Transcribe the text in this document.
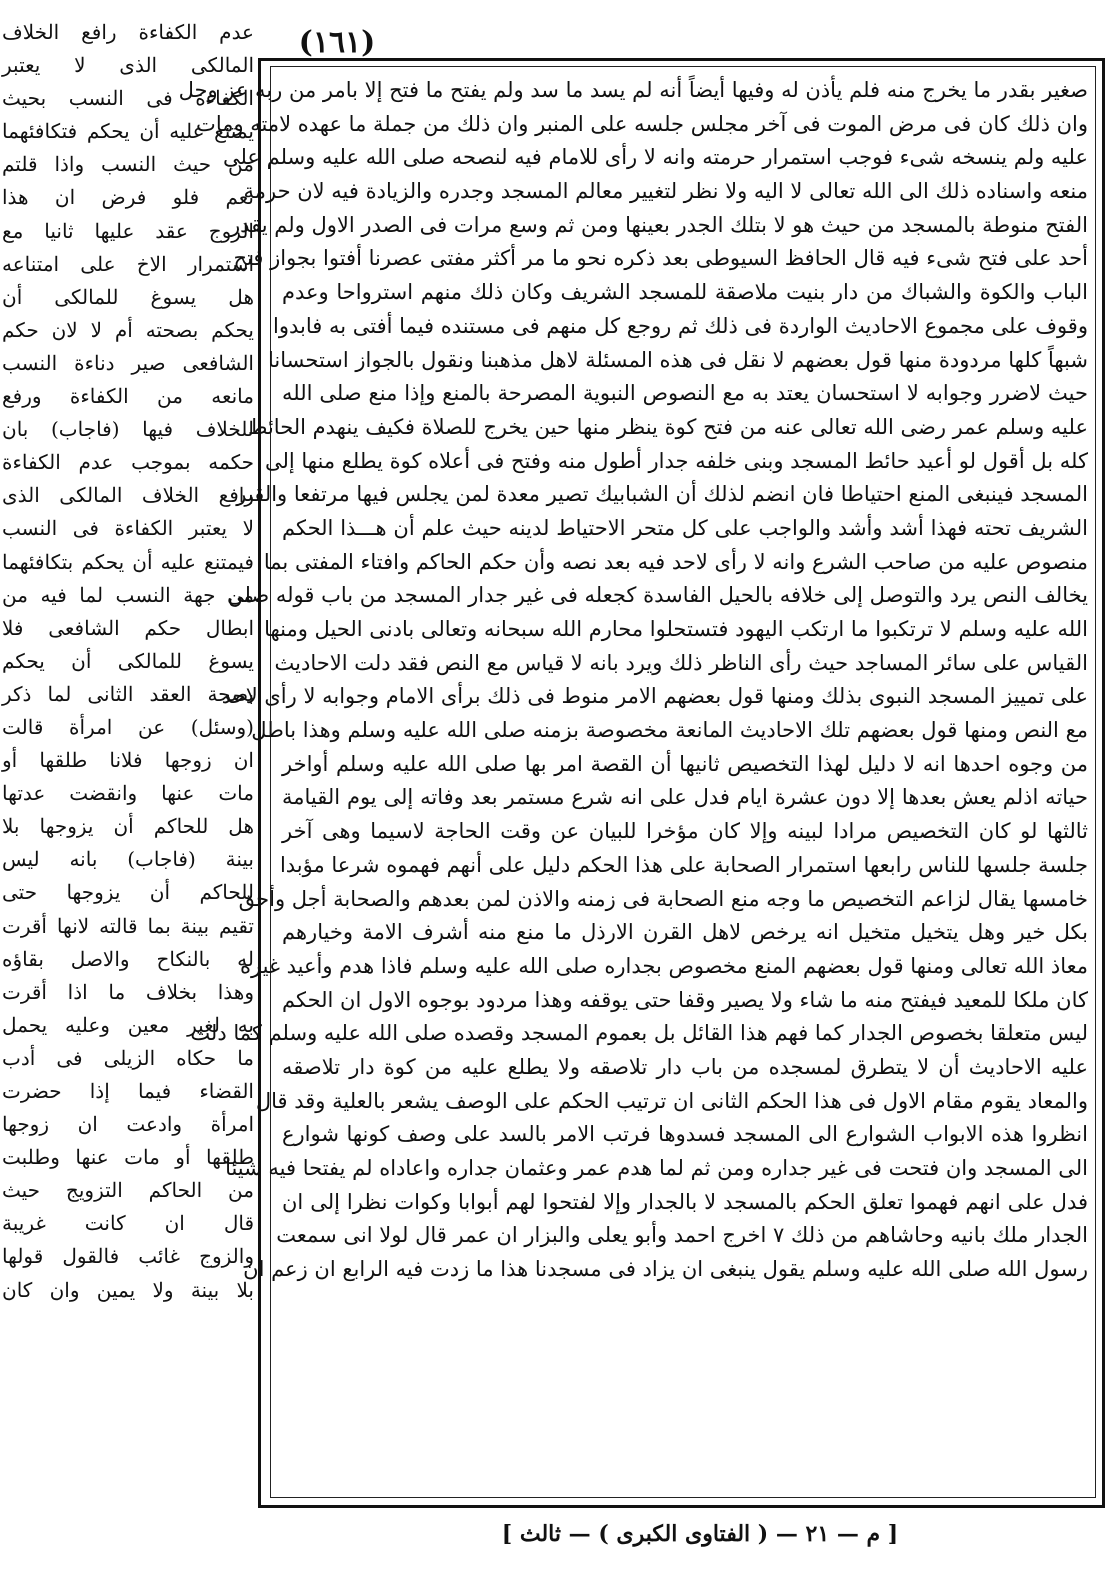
(١٦١)
صغير بقدر ما يخرج منه فلم يأذن له وفيها أيضاً أنه لم يسد ما سد ولم يفتح ما فتح إلا بامر من ربه عز وجل
وان ذلك كان فى مرض الموت فى آخر مجلس جلسه على المنبر وان ذلك من جملة ما عهده لامته ومات
عليه ولم ينسخه شىء فوجب استمرار حرمته وانه لا رأى للامام فيه لنصحه صلى الله عليه وسلم على
منعه واسناده ذلك الى الله تعالى لا اليه ولا نظر لتغيير معالم المسجد وجدره والزيادة فيه لان حرمة
الفتح منوطة بالمسجد من حيث هو لا بتلك الجدر بعينها ومن ثم وسع مرات فى الصدر الاول ولم يقدر
أحد على فتح شىء فيه قال الحافظ السيوطى بعد ذكره نحو ما مر أكثر مفتى عصرنا أفتوا بجواز فتح
الباب والكوة والشباك من دار بنيت ملاصقة للمسجد الشريف وكان ذلك منهم استرواحا وعدم
وقوف على مجموع الاحاديث الواردة فى ذلك ثم روجع كل منهم فى مستنده فيما أفتى به فابدوا
شبهاً كلها مردودة منها قول بعضهم لا نقل فى هذه المسئلة لاهل مذهبنا ونقول بالجواز استحسانا
حيث لاضرر وجوابه لا استحسان يعتد به مع النصوص النبوية المصرحة بالمنع وإذا منع صلى الله
عليه وسلم عمر رضى الله تعالى عنه من فتح كوة ينظر منها حين يخرج للصلاة فكيف ينهدم الحائط
كله بل أقول لو أعيد حائط المسجد وبنى خلفه جدار أطول منه وفتح فى أعلاه كوة يطلع منها إلى
المسجد فينبغى المنع احتياطا فان انضم لذلك أن الشبابيك تصير معدة لمن يجلس فيها مرتفعا والقبر
الشريف تحته فهذا أشد وأشد والواجب على كل متحر الاحتياط لدينه حيث علم أن هـــذا الحكم
منصوص عليه من صاحب الشرع وانه لا رأى لاحد فيه بعد نصه وأن حكم الحاكم وافتاء المفتى بما
يخالف النص يرد والتوصل إلى خلافه بالحيل الفاسدة كجعله فى غير جدار المسجد من باب قوله صلى
الله عليه وسلم لا ترتكبوا ما ارتكب اليهود فتستحلوا محارم الله سبحانه وتعالى بادنى الحيل ومنها
القياس على سائر المساجد حيث رأى الناظر ذلك ويرد بانه لا قياس مع النص فقد دلت الاحاديث
على تمييز المسجد النبوى بذلك ومنها قول بعضهم الامر منوط فى ذلك برأى الامام وجوابه لا رأى لاحد
مع النص ومنها قول بعضهم تلك الاحاديث المانعة مخصوصة بزمنه صلى الله عليه وسلم وهذا باطل
من وجوه احدها انه لا دليل لهذا التخصيص ثانيها أن القصة امر بها صلى الله عليه وسلم أواخر
حياته اذلم يعش بعدها إلا دون عشرة ايام فدل على انه شرع مستمر بعد وفاته إلى يوم القيامة
ثالثها لو كان التخصيص مرادا لبينه وإلا كان مؤخرا للبيان عن وقت الحاجة لاسيما وهى آخر
جلسة جلسها للناس رابعها استمرار الصحابة على هذا الحكم دليل على أنهم فهموه شرعا مؤبدا
خامسها يقال لزاعم التخصيص ما وجه منع الصحابة فى زمنه والاذن لمن بعدهم والصحابة أجل وأحق
بكل خير وهل يتخيل متخيل انه يرخص لاهل القرن الارذل ما منع منه أشرف الامة وخيارهم
معاذ الله تعالى ومنها قول بعضهم المنع مخصوص بجداره صلى الله عليه وسلم فاذا هدم وأعيد غيره
كان ملكا للمعيد فيفتح منه ما شاء ولا يصير وقفا حتى يوقفه وهذا مردود بوجوه الاول ان الحكم
ليس متعلقا بخصوص الجدار كما فهم هذا القائل بل بعموم المسجد وقصده صلى الله عليه وسلم كما دلت
عليه الاحاديث أن لا يتطرق لمسجده من باب دار تلاصقه ولا يطلع عليه من كوة دار تلاصقه
والمعاد يقوم مقام الاول فى هذا الحكم الثانى ان ترتيب الحكم على الوصف يشعر بالعلية وقد قال
انظروا هذه الابواب الشوارع الى المسجد فسدوها فرتب الامر بالسد على وصف كونها شوارع
الى المسجد وان فتحت فى غير جداره ومن ثم لما هدم عمر وعثمان جداره واعاداه لم يفتحا فيه شيئا
فدل على انهم فهموا تعلق الحكم بالمسجد لا بالجدار وإلا لفتحوا لهم أبوابا وكوات نظرا إلى ان
الجدار ملك بانيه وحاشاهم من ذلك ٧ اخرج احمد وأبو يعلى والبزار ان عمر قال لولا انى سمعت
رسول الله صلى الله عليه وسلم يقول ينبغى ان يزاد فى مسجدنا هذا ما زدت فيه الرابع ان زعم ان
عدم الكفاءة رافع الخلاف
المالكى الذى لا يعتبر
الكفاءة فى النسب بحيث
يمتنع عليه أن يحكم فتكافئهما
من حيث النسب واذا قلتم
نعم فلو فرض ان هذا
الزوج عقد عليها ثانيا مع
استمرار الاخ على امتناعه
هل يسوغ للمالكى أن
يحكم بصحته أم لا لان حكم
الشافعى صير دناءة النسب
مانعه من الكفاءة ورفع
للخلاف فيها (فاجاب) بان
حكمه بموجب عدم الكفاءة
رافع الخلاف المالكى الذى
لا يعتبر الكفاءة فى النسب
فيمتنع عليه أن يحكم بتكافئهما
من جهة النسب لما فيه من
ابطال حكم الشافعى فلا
يسوغ للمالكى أن يحكم
بصحة العقد الثانى لما ذكر
(وسئل) عن امرأة قالت
ان زوجها فلانا طلقها أو
مات عنها وانقضت عدتها
هل للحاكم أن يزوجها بلا
بينة (فاجاب) بانه ليس
للحاكم أن يزوجها حتى
تقيم بينة بما قالته لانها أقرت
له بالنكاح والاصل بقاؤه
وهذا بخلاف ما اذا أقرت
به لغير معين وعليه يحمل
ما حكاه الزيلى فى أدب
القضاء فيما إذا حضرت
امرأة وادعت ان زوجها
طلقها أو مات عنها وطلبت
من الحاكم التزويج حيث
قال ان كانت غريبة
والزوج غائب فالقول قولها
بلا بينة ولا يمين وان كان
[ م — ٢١ — ( الفتاوى الكبرى ) — ثالث ]
